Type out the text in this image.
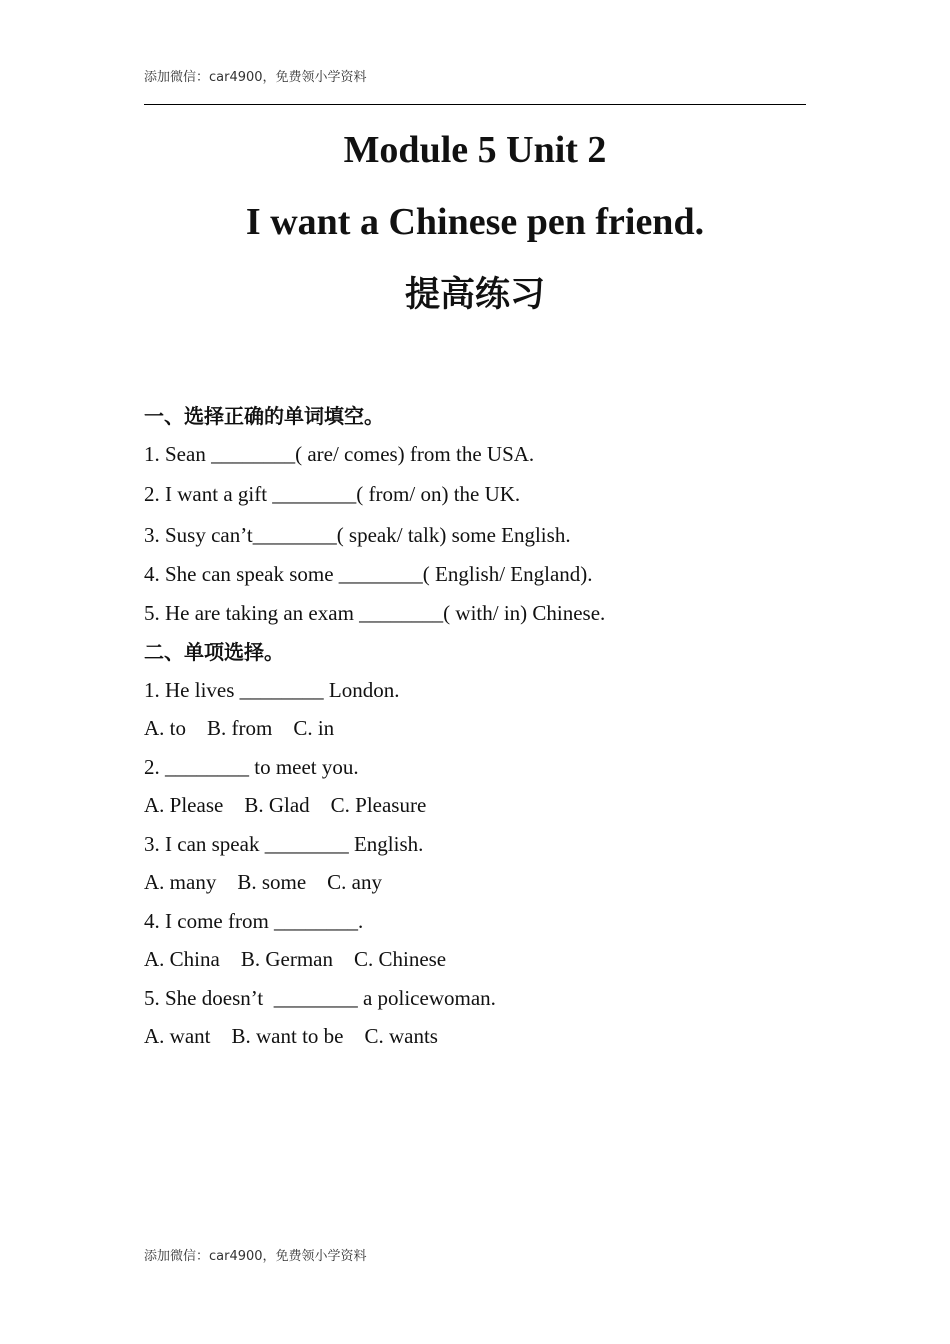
添加微信：car4900，免费领小学资料
Module 5 Unit 2
I want a Chinese pen friend.
提高练习
一、选择正确的单词填空。
1. Sean ________( are/ comes) from the USA.
2. I want a gift ________( from/ on) the UK.
3. Susy can’t________( speak/ talk) some English.
4. She can speak some ________( English/ England).
5. He are taking an exam ________( with/ in) Chinese.
二、单项选择。
1. He lives ________ London.
A. to    B. from    C. in
2. ________ to meet you.
A. Please    B. Glad    C. Pleasure
3. I can speak ________ English.
A. many    B. some    C. any
4. I come from ________.
A. China    B. German    C. Chinese
5. She doesn’t  ________ a policewoman.
A. want    B. want to be    C. wants
添加微信：car4900，免费领小学资料
